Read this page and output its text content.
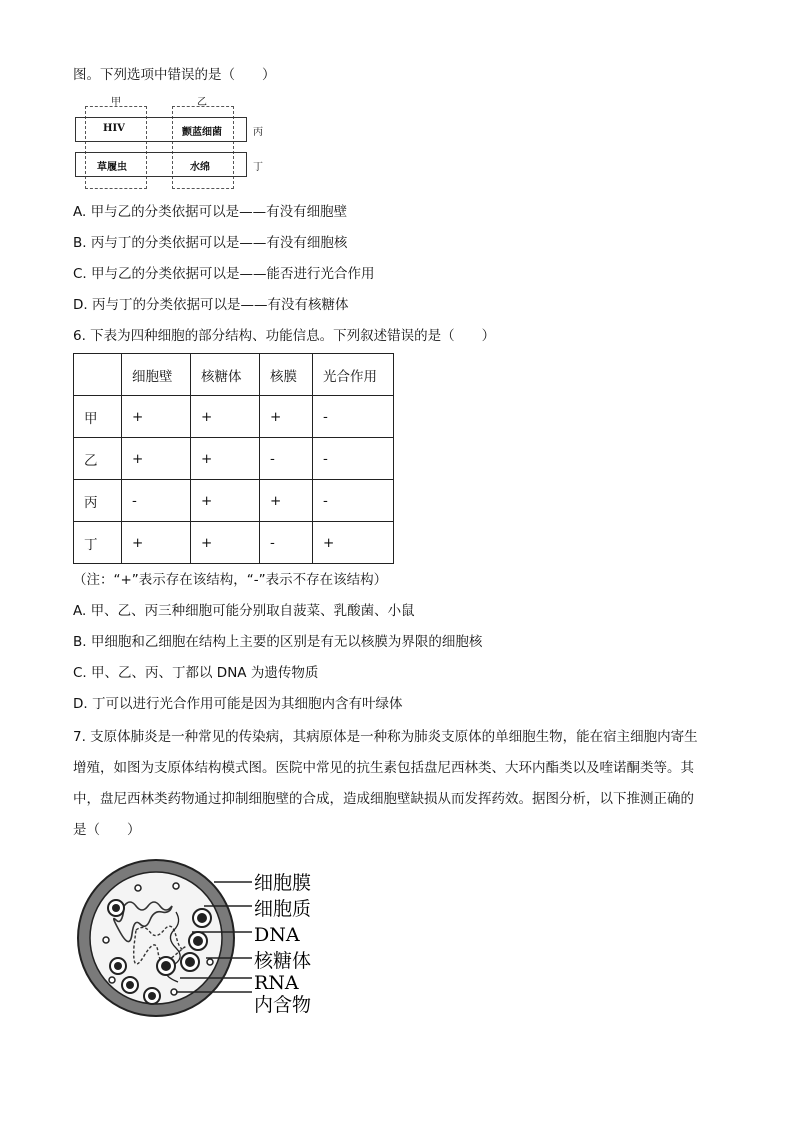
图。下列选项中错误的是（　　）
甲	乙
HIV	颤蓝细菌
草履虫	水绵
丙
丁
A. 甲与乙的分类依据可以是——有没有细胞壁
B. 丙与丁的分类依据可以是——有没有细胞核
C. 甲与乙的分类依据可以是——能否进行光合作用
D. 丙与丁的分类依据可以是——有没有核糖体
6. 下表为四种细胞的部分结构、功能信息。下列叙述错误的是（　　）
	细胞壁	核糖体	核膜	光合作用
甲	+	+	+	-
乙	+	+	-	-
丙	-	+	+	-
丁	+	+	-	+
（注：“+”表示存在该结构，“-”表示不存在该结构）
A. 甲、乙、丙三种细胞可能分别取自菠菜、乳酸菌、小鼠
B. 甲细胞和乙细胞在结构上主要的区别是有无以核膜为界限的细胞核
C. 甲、乙、丙、丁都以 DNA 为遗传物质
D. 丁可以进行光合作用可能是因为其细胞内含有叶绿体
7. 支原体肺炎是一种常见的传染病，其病原体是一种称为肺炎支原体的单细胞生物，能在宿主细胞内寄生
增殖，如图为支原体结构模式图。医院中常见的抗生素包括盘尼西林类、大环内酯类以及喹诺酮类等。其
中，盘尼西林类药物通过抑制细胞壁的合成，造成细胞壁缺损从而发挥药效。据图分析，以下推测正确的
是（　　）
细胞膜
细胞质
DNA
核糖体
RNA
内含物
